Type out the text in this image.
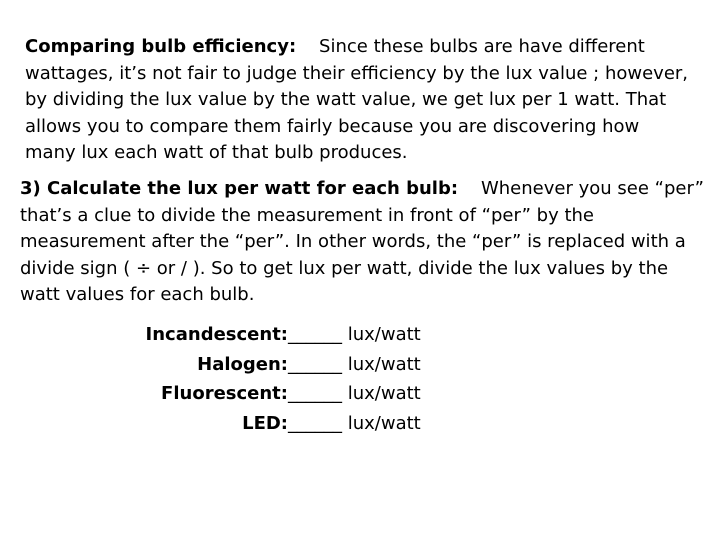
Comparing bulb efficiency: Since these bulbs are have different wattages, it’s not fair to judge their efficiency by the lux value ; however, by dividing the lux value by the watt value, we get lux per 1 watt. That allows you to compare them fairly because you are discovering how many lux each watt of that bulb produces.

3) Calculate the lux per watt for each bulb: Whenever you see “per” that’s a clue to divide the measurement in front of “per” by the measurement after the “per”. In other words, the “per” is replaced with a divide sign ( ÷ or / ). So to get lux per watt, divide the lux values by the watt values for each bulb.

Incandescent: ______ lux/watt
Halogen: ______ lux/watt
Fluorescent: ______ lux/watt
LED: ______ lux/watt
